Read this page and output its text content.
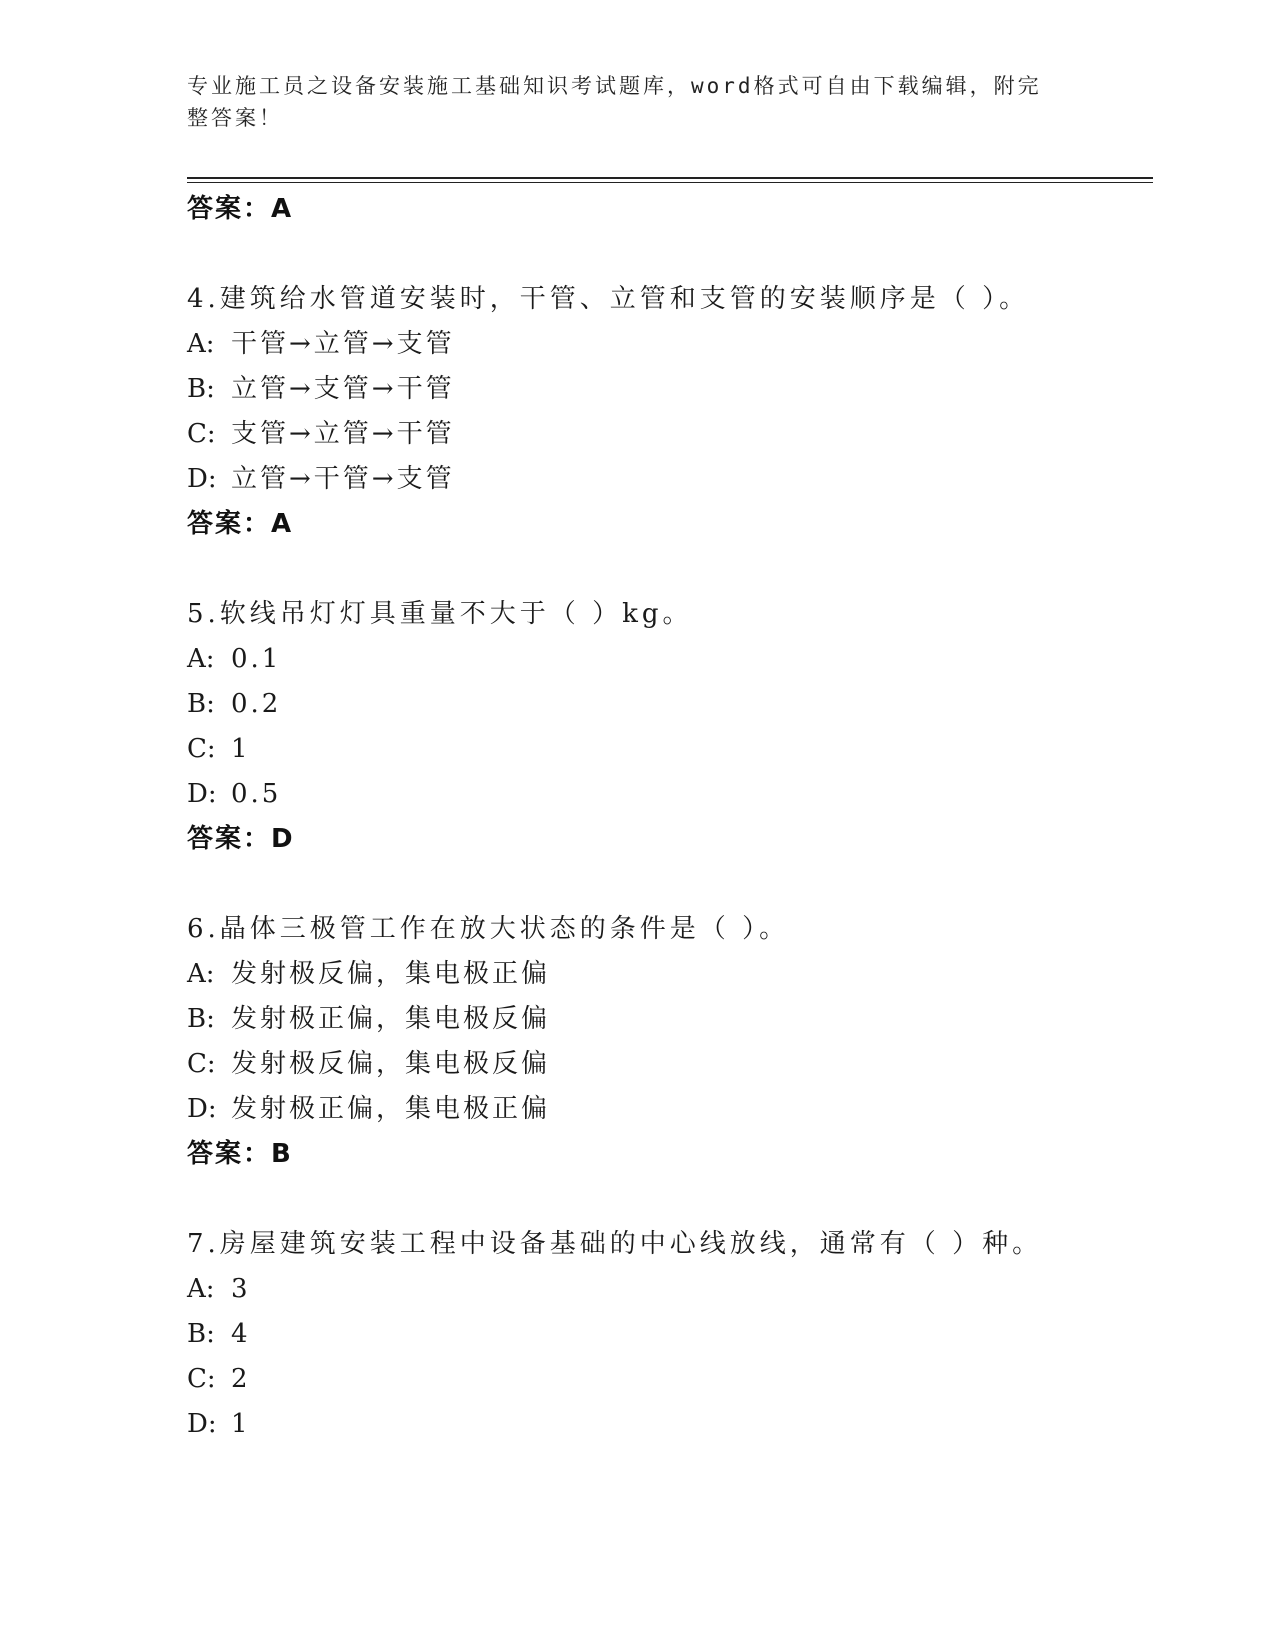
专业施工员之设备安装施工基础知识考试题库，word格式可自由下载编辑，附完
整答案！
答案：A
4.建筑给水管道安装时，干管、立管和支管的安装顺序是（ ）。
A: 干管→立管→支管
B: 立管→支管→干管
C: 支管→立管→干管
D: 立管→干管→支管
答案：A
5.软线吊灯灯具重量不大于（ ）kg。
A: 0.1
B: 0.2
C: 1
D: 0.5
答案：D
6.晶体三极管工作在放大状态的条件是（ ）。
A: 发射极反偏，集电极正偏
B: 发射极正偏，集电极反偏
C: 发射极反偏，集电极反偏
D: 发射极正偏，集电极正偏
答案：B
7.房屋建筑安装工程中设备基础的中心线放线，通常有（ ）种。
A: 3
B: 4
C: 2
D: 1
